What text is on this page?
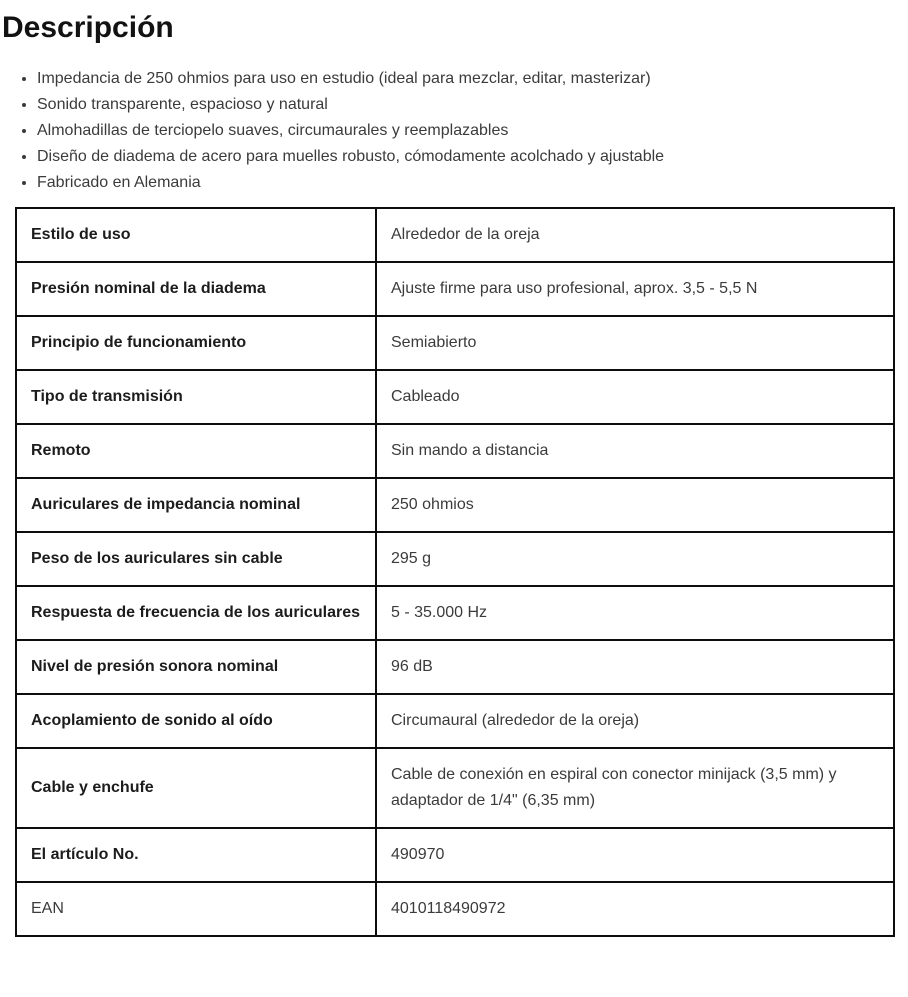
Descripción
• Impedancia de 250 ohmios para uso en estudio (ideal para mezclar, editar, masterizar)
• Sonido transparente, espacioso y natural
• Almohadillas de terciopelo suaves, circumaurales y reemplazables
• Diseño de diadema de acero para muelles robusto, cómodamente acolchado y ajustable
• Fabricado en Alemania
Estilo de uso	Alrededor de la oreja
Presión nominal de la diadema	Ajuste firme para uso profesional, aprox. 3,5 - 5,5 N
Principio de funcionamiento	Semiabierto
Tipo de transmisión	Cableado
Remoto	Sin mando a distancia
Auriculares de impedancia nominal	250 ohmios
Peso de los auriculares sin cable	295 g
Respuesta de frecuencia de los auriculares	5 - 35.000 Hz
Nivel de presión sonora nominal	96 dB
Acoplamiento de sonido al oído	Circumaural (alrededor de la oreja)
Cable y enchufe	Cable de conexión en espiral con conector minijack (3,5 mm) y adaptador de 1/4" (6,35 mm)
El artículo No.	490970
EAN	4010118490972
